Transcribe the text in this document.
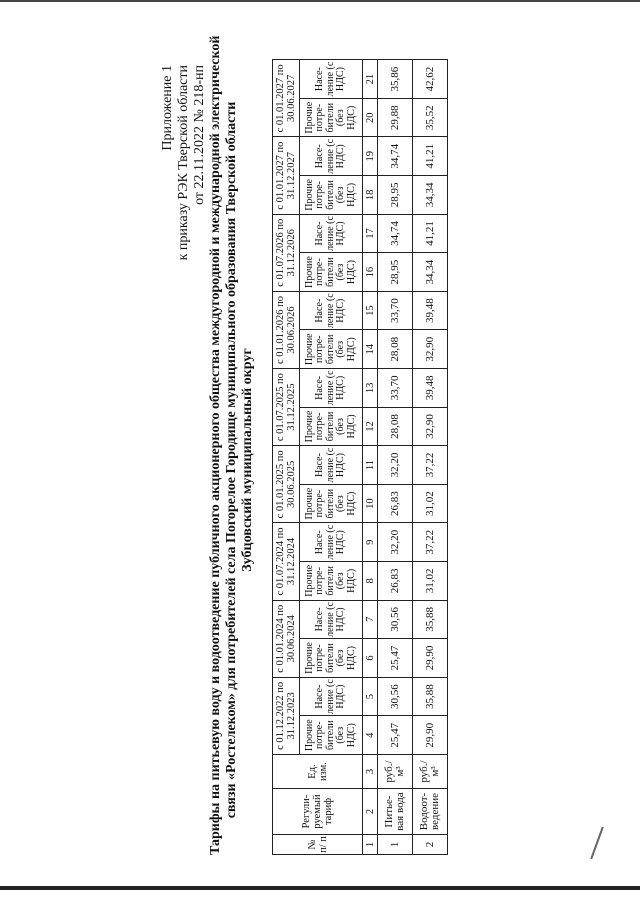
Приложение 1 к приказу РЭК Тверской области от 22.11.2022 № 218-нп Тарифы на питьевую воду и водоотведение публичного акционерного общества междугородной и международной электрической связи «Ростелеком» для потребителей села Погорелое Городище муниципального образования Тверской области Зубцовский муниципальный округ
№ п/ п	Регули- руемый тариф	Ед. изм.	с 01.12.2022 по 31.12.2023		с 01.01.2024 по 30.06.2024		с 01.07.2024 по 31.12.2024		с 01.01.2025 по 30.06.2025		с 01.07.2025 по 31.12.2025		с 01.01.2026 по 30.06.2026		с 01.07.2026 по 31.12.2026		с 01.01.2027 по 31.12.2027		с 01.01.2027 по 30.06.2027	
			Прочие потре- бители (без НДС)	Насе- ление (с НДС)	Прочие потре- бители (без НДС)	Насе- ление (с НДС)	Прочие потре- бители (без НДС)	Насе- ление (с НДС)	Прочие потре- бители (без НДС)	Насе- ление (с НДС)	Прочие потре- бители (без НДС)	Насе- ление (с НДС)	Прочие потре- бители (без НДС)	Насе- ление (с НДС)	Прочие потре- бители (без НДС)	Насе- ление (с НДС)	Прочие потре- бители (без НДС)	Насе- ление (с НДС)	Прочие потре- бители (без НДС)	Насе- ление (с НДС)
1	2	3	4	5	6	7	8	9	10	11	12	13	14	15	16	17	18	19	20	21
1	Питье- вая вода	руб./м³	25,47	30,56	25,47	30,56	26,83	32,20	26,83	32,20	28,08	33,70	28,08	33,70	28,95	34,74	28,95	34,74	29,88	35,86
2	Водоот- ведение	руб./м³	29,90	35,88	29,90	35,88	31,02	37,22	31,02	37,22	32,90	39,48	32,90	39,48	34,34	41,21	34,34	41,21	35,52	42,62
